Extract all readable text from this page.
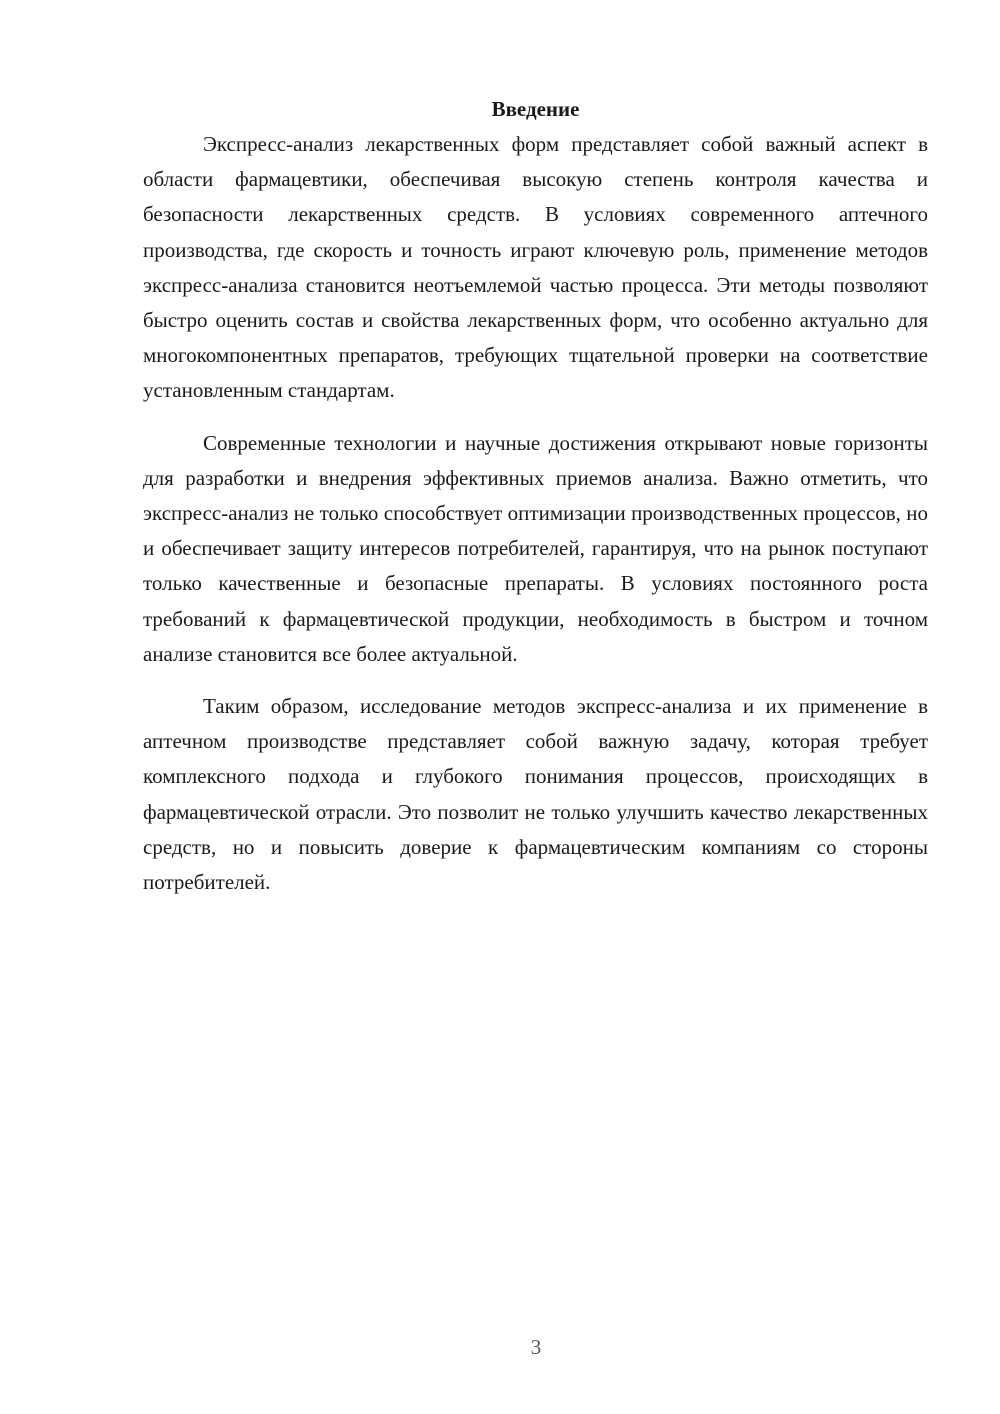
Введение

Экспресс-анализ лекарственных форм представляет собой важный аспект в области фармацевтики, обеспечивая высокую степень контроля качества и безопасности лекарственных средств. В условиях современного аптечного производства, где скорость и точность играют ключевую роль, применение методов экспресс-анализа становится неотъемлемой частью процесса. Эти методы позволяют быстро оценить состав и свойства лекарственных форм, что особенно актуально для многокомпонентных препаратов, требующих тщательной проверки на соответствие установленным стандартам.

Современные технологии и научные достижения открывают новые горизонты для разработки и внедрения эффективных приемов анализа. Важно отметить, что экспресс-анализ не только способствует оптимизации производственных процессов, но и обеспечивает защиту интересов потребителей, гарантируя, что на рынок поступают только качественные и безопасные препараты. В условиях постоянного роста требований к фармацевтической продукции, необходимость в быстром и точном анализе становится все более актуальной.

Таким образом, исследование методов экспресс-анализа и их применение в аптечном производстве представляет собой важную задачу, которая требует комплексного подхода и глубокого понимания процессов, происходящих в фармацевтической отрасли. Это позволит не только улучшить качество лекарственных средств, но и повысить доверие к фармацевтическим компаниям со стороны потребителей.

3
